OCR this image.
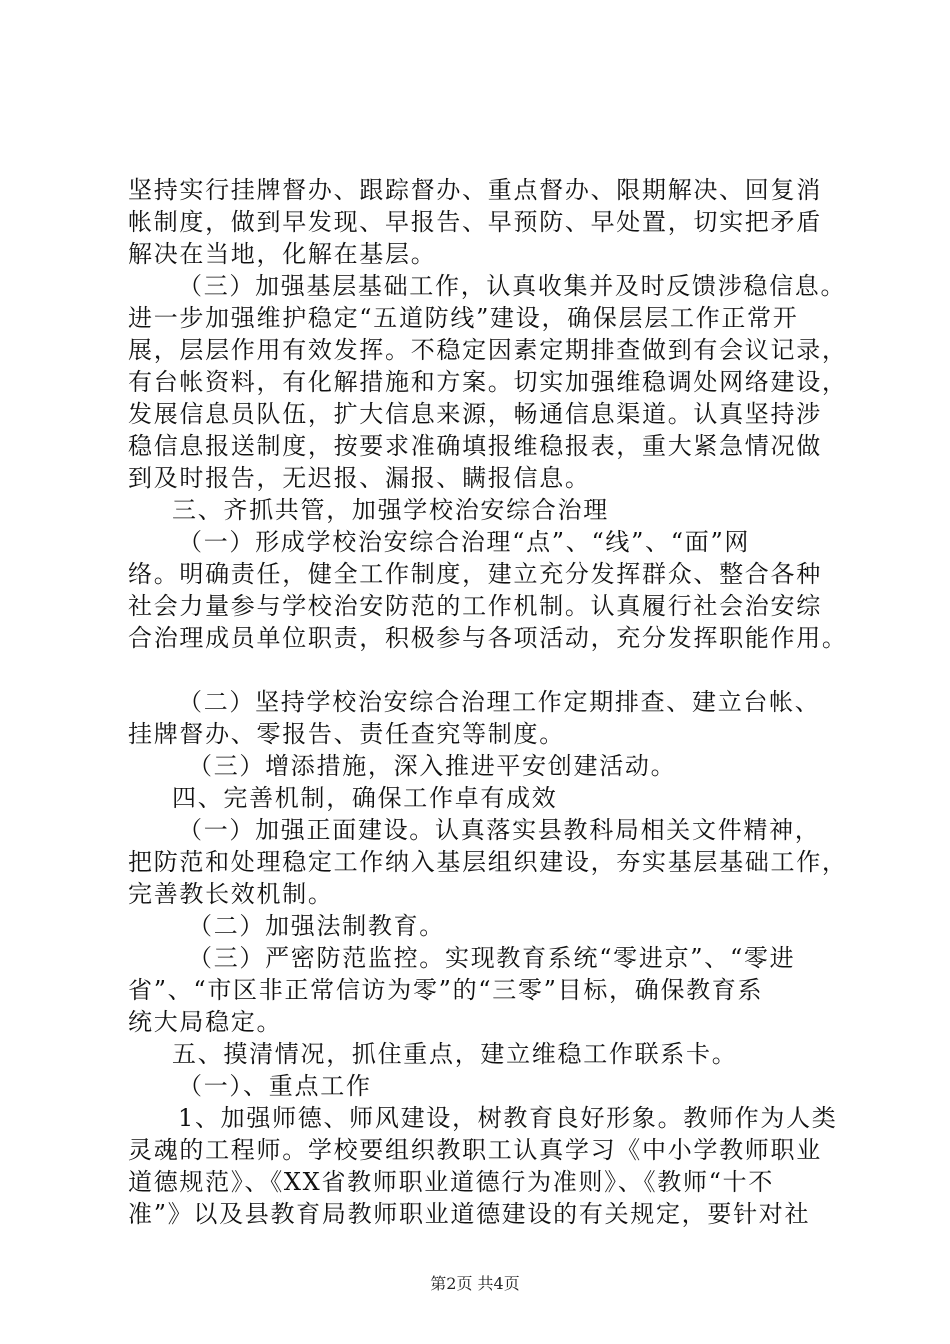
坚持实行挂牌督办、跟踪督办、重点督办、限期解决、回复消
帐制度，做到早发现、早报告、早预防、早处置，切实把矛盾
解决在当地，化解在基层。
（三）加强基层基础工作，认真收集并及时反馈涉稳信息。
进一步加强维护稳定“五道防线”建设，确保层层工作正常开
展，层层作用有效发挥。不稳定因素定期排查做到有会议记录，
有台帐资料，有化解措施和方案。切实加强维稳调处网络建设，
发展信息员队伍，扩大信息来源，畅通信息渠道。认真坚持涉
稳信息报送制度，按要求准确填报维稳报表，重大紧急情况做
到及时报告，无迟报、漏报、瞒报信息。
三、齐抓共管，加强学校治安综合治理
（一）形成学校治安综合治理“点”、“线”、“面”网
络。明确责任，健全工作制度，建立充分发挥群众、整合各种
社会力量参与学校治安防范的工作机制。认真履行社会治安综
合治理成员单位职责，积极参与各项活动，充分发挥职能作用。
（二）坚持学校治安综合治理工作定期排查、建立台帐、
挂牌督办、零报告、责任查究等制度。
（三）增添措施，深入推进平安创建活动。
四、完善机制，确保工作卓有成效
（一）加强正面建设。认真落实县教科局相关文件精神，
把防范和处理稳定工作纳入基层组织建设，夯实基层基础工作，
完善教长效机制。
（二）加强法制教育。
（三）严密防范监控。实现教育系统“零进京”、“零进
省”、“市区非正常信访为零”的“三零”目标，确保教育系
统大局稳定。
五、摸清情况，抓住重点，建立维稳工作联系卡。
（一）、重点工作
1、加强师德、师风建设，树教育良好形象。教师作为人类
灵魂的工程师。学校要组织教职工认真学习《中小学教师职业
道德规范》、《XX省教师职业道德行为准则》、《教师“十不
准”》以及县教育局教师职业道德建设的有关规定，要针对社
第2页 共4页
